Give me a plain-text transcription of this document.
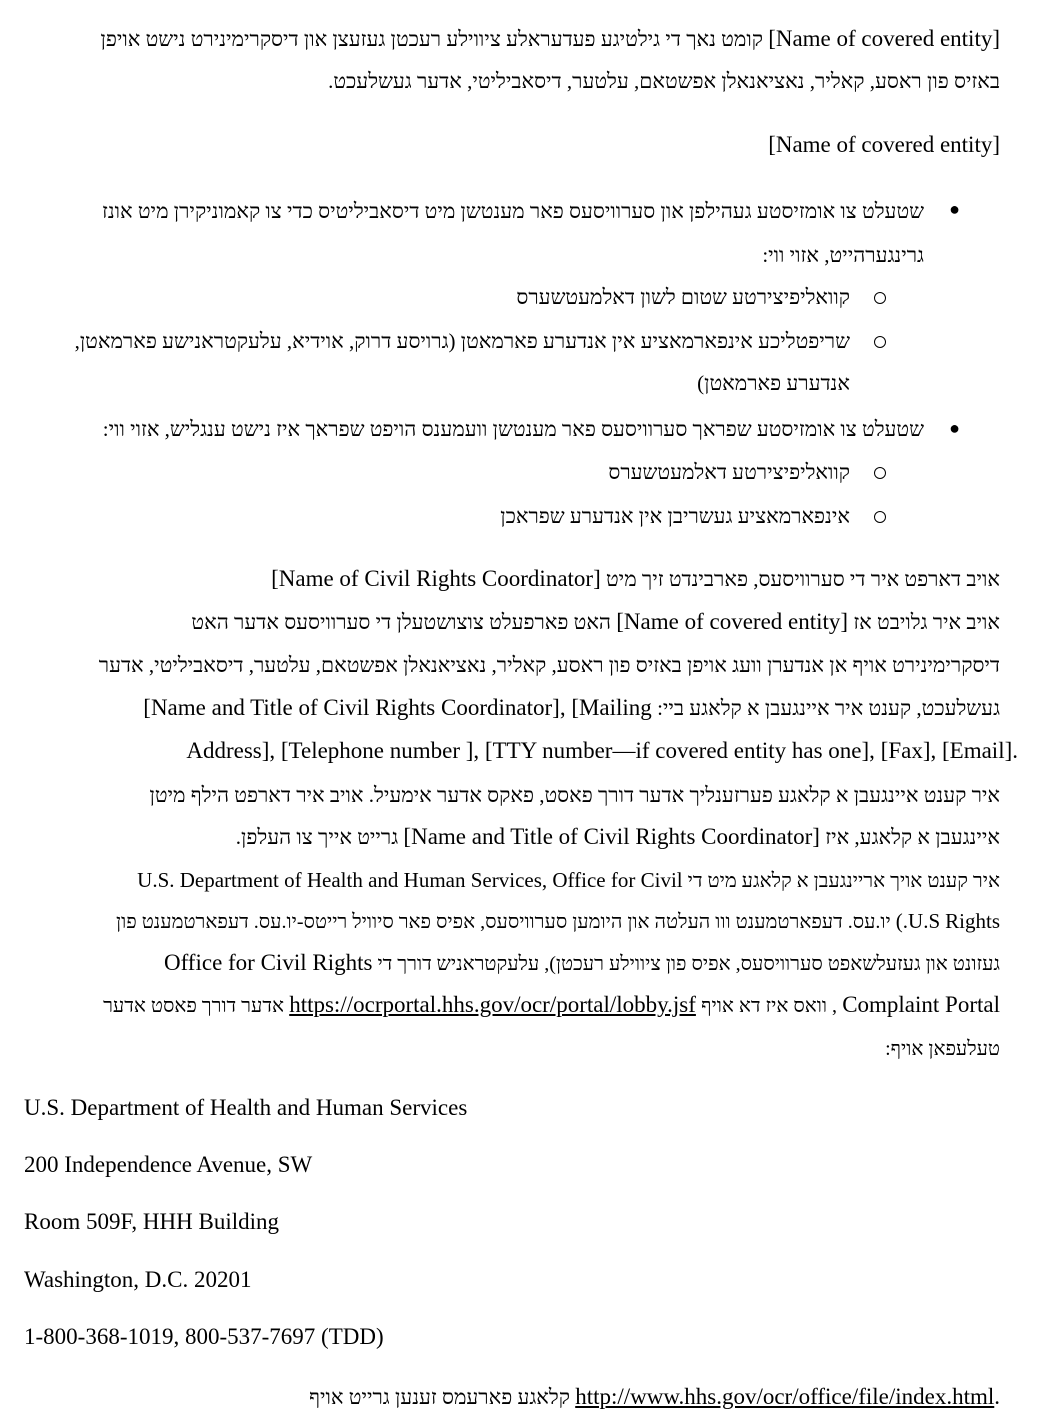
קומט נאך די גילטיגע פעדעראלע ציווילע רעכטן געזעצן און דיסקרימינירט נישט אויפן [Name of covered entity]
באזיס פון ראסע, קאליר, נאציאנאלן אפשטאם, עלטער, דיסאביליטי, אדער געשלעכט.
[Name of covered entity]
●
שטעלט צו אומזיסטע געהילפן און סערוויסעס פאר מענטשן מיט דיסאביליטיס כדי צו קאמוניקירן מיט אונז
גרינגערהייט, אזוי ווי:
קוואליפיצירטע שטום לשון דאלמעטשערס
שריפטליכע אינפארמאציע אין אנדערע פארמאטן (גרויסע דרוק, אוידיא, עלעקטראנישע פארמאטן,
אנדערע פארמאטן)
●
שטעלט צו אומזיסטע שפראך סערוויסעס פאר מענטשן וועמענס הויפט שפראך איז נישט ענגליש, אזוי ווי:
קוואליפיצירטע דאלמעטשערס
אינפארמאציע געשריבן אין אנדערע שפראכן
[Name of Civil Rights Coordinator] אויב דארפט איר די סערוויסעס, פארבינדט זיך מיט
האט פארפעלט צוצושטעלן די סערוויסעס אדער האט [Name of covered entity] אויב איר גלויבט אז
דיסקרימינירט אויף אן אנדערן וועג אויפן באזיס פון ראסע, קאליר, נאציאנאלן אפשטאם, עלטער, דיסאביליטי, אדער
[Name and Title of Civil Rights Coordinator], [Mailing געשלעכט, קענט איר איינגעבן א קלאגע ביי:
Address], [Telephone number ], [TTY number—if covered entity has one], [Fax], [Email].
איר קענט איינגעבן א קלאגע פערזענליך אדער דורך פאסט, פאקס אדער אימעיל. אויב איר דארפט הילף מיטן
גרייט אייך צו העלפן. [Name and Title of Civil Rights Coordinator] איינגעבן א קלאגע, איז
U.S. Department of Health and Human Services, Office for Civil איר קענט אויך אריינגעבן א קלאגע מיט די
יו.עס. דעפארטמענט ווו העלטה און היומען סערוויסעס, אפיס פאר סיוויל רייטס-יו.עס. דעפארטמענט פון (.U.S Rights
Office for Civil Rights געזונט און געזעלשאפט סערוויסעס, אפיס פון ציווילע רעכטן), עלעקטראניש דורך די
אדער דורך פאסט אדער https://ocrportal.hhs.gov/ocr/portal/lobby.jsf , וואס איז דא אויף Complaint Portal
טעלעפאן אויף:
U.S. Department of Health and Human Services
200 Independence Avenue, SW
Room 509F, HHH Building
Washington, D.C. 20201
1-800-368-1019, 800-537-7697 (TDD)
קלאגע פארעמס זענען גרייט אויף http://www.hhs.gov/ocr/office/file/index.html.
